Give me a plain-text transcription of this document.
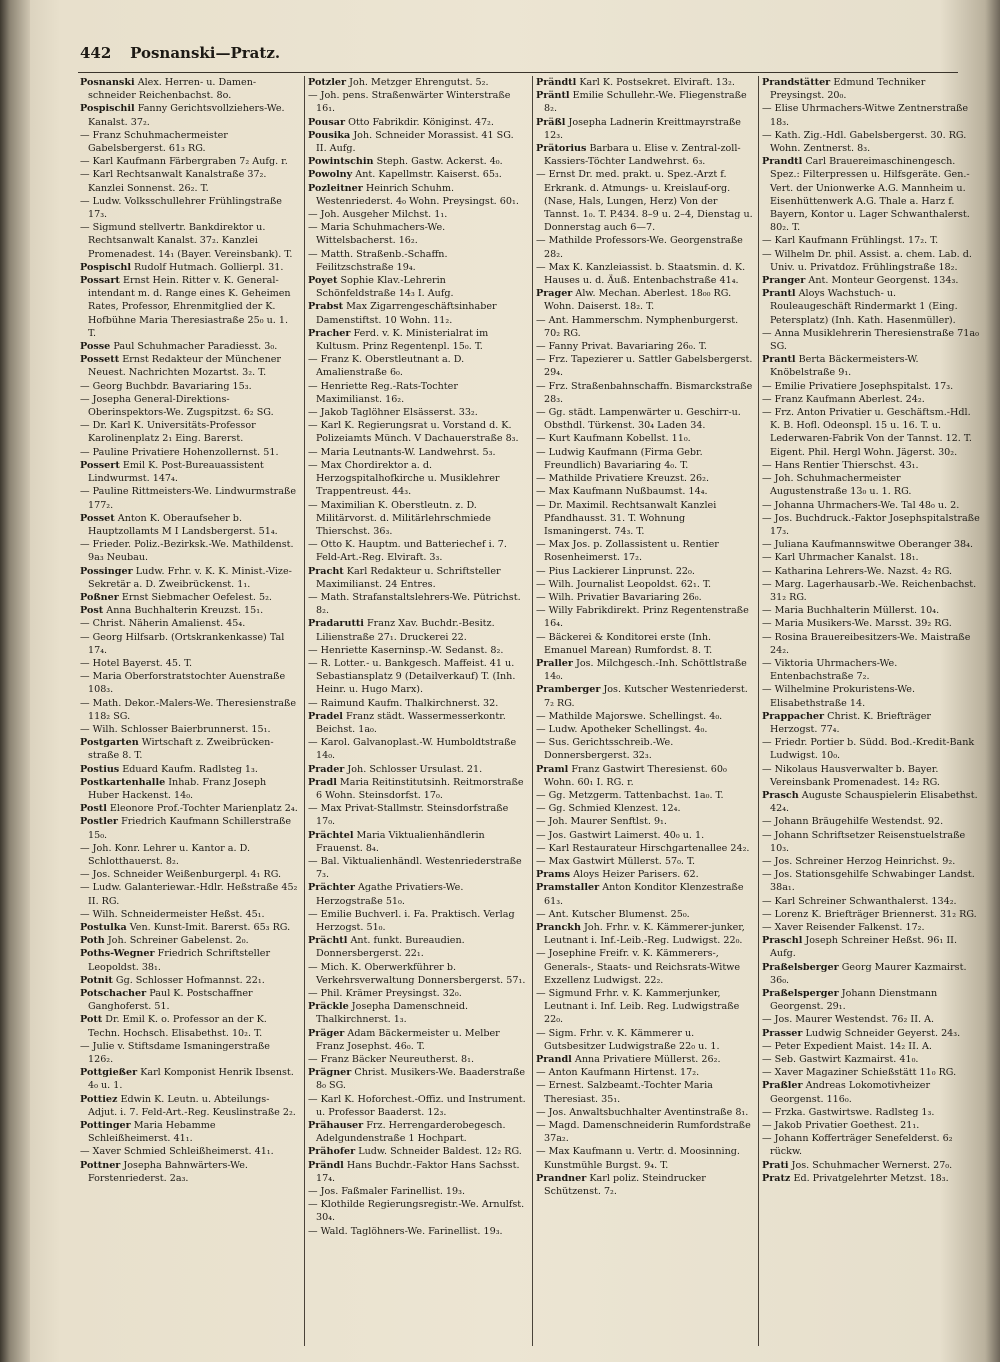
442 Posnanski—Pratz.

Posnanski Alex. Herren- u. Damen-schneider Reichenbachst. 8o.

Pospischil Fanny Gerichtsvollziehers-We. Kanalst. 37₂.

— Franz Schuhmachermeister Gabelsbergerst. 61₃ RG.

— Karl Kaufmann Färbergraben 7₂ Aufg. r.

— Karl Rechtsanwalt Kanalstraße 37₂. Kanzlei Sonnenst. 26₂. T.

— Ludw. Volksschullehrer Frühlingstraße 17₃.

— Sigmund stellvertr. Bankdirektor u. Rechtsanwalt Kanalst. 37₂. Kanzlei Promenadest. 14₁ (Bayer. Vereinsbank). T.

Pospischl Rudolf Hutmach. Gollierpl. 31.

Possart Ernst Hein. Ritter v. K. General-intendant m. d. Range eines K. Geheimen Rates, Professor, Ehrenmitglied der K. Hofbühne Maria Theresiastraße 25₀ u. 1. T.

Posse Paul Schuhmacher Paradiesst. 3₀.

Possett Ernst Redakteur der Münchener Neuest. Nachrichten Mozartst. 3₂. T.

— Georg Buchbdr. Bavariaring 15₃.

— Josepha General-Direktions-Oberinspektors-We. Zugspitzst. 6₂ SG.

— Dr. Karl K. Universitäts-Professor Karolinenplatz 2₁ Eing. Barerst.

— Pauline Privatiere Hohenzollernst. 51.

Possert Emil K. Post-Bureauassistent Lindwurmst. 147₄.

— Pauline Rittmeisters-We. Lindwurmstraße 177₂.

Posset Anton K. Oberaufseher b. Hauptzollamts M I Landsbergerst. 51₄.

— Frieder. Poliz.-Bezirksk.-We. Mathildenst. 9a₃ Neubau.

Possinger Ludw. Frhr. v. K. K. Minist.-Vize-Sekretär a. D. Zweibrückenst. 1₁.

Poßner Ernst Siebmacher Oefelest. 5₂.

Post Anna Buchhalterin Kreuzst. 15₁.

— Christ. Näherin Amalienst. 45₄.

— Georg Hilfsarb. (Ortskrankenkasse) Tal 17₄.

— Hotel Bayerst. 45. T.

— Maria Oberforstratstochter Auenstraße 108₃.

— Math. Dekor.-Malers-We. Theresienstraße 118₂ SG.

— Wilh. Schlosser Baierbrunnerst. 15₁.

Postgarten Wirtschaft z. Zweibrücken-straße 8. T.

Postius Eduard Kaufm. Radlsteg 1₃.

Postkartenhalle Inhab. Franz Joseph Huber Hackenst. 14₀.

Postl Eleonore Prof.-Tochter Marienplatz 2₄.

Postler Friedrich Kaufmann Schillerstraße 15₀.

— Joh. Konr. Lehrer u. Kantor a. D. Schlotthauerst. 8₂.

— Jos. Schneider Weißenburgerpl. 4₁ RG.

— Ludw. Galanteriewar.-Hdlr. Heßstraße 45₂ II. RG.

— Wilh. Schneidermeister Heßst. 45₁.

Postulka Ven. Kunst-Imit. Barerst. 65₃ RG.

Poth Joh. Schreiner Gabelenst. 2₀.

Poths-Wegner Friedrich Schriftsteller Leopoldst. 38₁.

Potnit Gg. Schlosser Hofmannst. 22₁.

Potschacher Paul K. Postschaffner Ganghoferst. 51.

Pott Dr. Emil K. o. Professor an der K. Techn. Hochsch. Elisabethst. 10₂. T.

— Julie v. Stiftsdame Ismaningerstraße 126₂.

Pottgießer Karl Komponist Henrik Ibsenst. 4₀ u. 1.

Pottiez Edwin K. Leutn. u. Abteilungs-Adjut. i. 7. Feld-Art.-Reg. Keuslinstraße 2₂.

Pottinger Maria Hebamme Schleißheimerst. 41₁.

— Xaver Schmied Schleißheimerst. 41₁.

Pottner Josepha Bahnwärters-We. Forstenriederst. 2a₃.

Potzler Joh. Metzger Ehrengutst. 5₂.

— Joh. pens. Straßenwärter Winterstraße 16₁.

Pousar Otto Fabrikdir. Königinst. 47₂.

Pousika Joh. Schneider Morassist. 41 SG. II. Aufg.

Powintschin Steph. Gastw. Ackerst. 4₀.

Powolny Ant. Kapellmstr. Kaiserst. 65₃.

Pozleitner Heinrich Schuhm. Westenriederst. 4₀ Wohn. Preysingst. 60₁.

— Joh. Ausgeher Milchst. 1₁.

— Maria Schuhmachers-We. Wittelsbacherst. 16₂.

— Matth. Straßenb.-Schaffn. Feilitzschstraße 19₄.

Poyet Sophie Klav.-Lehrerin Schönfeldstraße 14₃ I. Aufg.

Prabst Max Zigarrengeschäftsinhaber Damenstiftst. 10 Wohn. 11₂.

Pracher Ferd. v. K. Ministerialrat im Kultusm. Prinz Regentenpl. 15₀. T.

— Franz K. Oberstleutnant a. D. Amalienstraße 6₀.

— Henriette Reg.-Rats-Tochter Maximilianst. 16₂.

— Jakob Taglöhner Elsässerst. 33₂.

— Karl K. Regierungsrat u. Vorstand d. K. Polizeiamts Münch. V Dachauerstraße 8₃.

— Maria Leutnants-W. Landwehrst. 5₃.

— Max Chordirektor a. d. Herzogspitalhofkirche u. Musiklehrer Trappentreust. 44₃.

— Maximilian K. Oberstleutn. z. D. Militärvorst. d. Militärlehrschmiede Thierschst. 36₃.

— Otto K. Hauptm. und Batteriechef i. 7. Feld-Art.-Reg. Elviraft. 3₃.

Pracht Karl Redakteur u. Schriftsteller Maximilianst. 24 Entres.

— Math. Strafanstaltslehrers-We. Pütrichst. 8₂.

Pradarutti Franz Xav. Buchdr.-Besitz. Lilienstraße 27₁. Druckerei 22.

— Henriette Kaserninsp.-W. Sedanst. 8₂.

— R. Lotter.- u. Bankgesch. Maffeist. 41 u. Sebastiansplatz 9 (Detailverkauf) T. (Inh. Heinr. u. Hugo Marx).

— Raimund Kaufm. Thalkirchnerst. 32.

Pradel Franz städt. Wassermesserkontr. Beichst. 1a₀.

— Karol. Galvanoplast.-W. Humboldtstraße 14₀.

Prader Joh. Schlosser Ursulast. 21.

Pradl Maria Reitinstitutsinh. Reitmorstraße 6 Wohn. Steinsdorfst. 17₀.

— Max Privat-Stallmstr. Steinsdorfstraße 17₀.

Prächtel Maria Viktualienhändlerin Frauenst. 8₄.

— Bal. Viktualienhändl. Westenriederstraße 7₃.

Prächter Agathe Privatiers-We. Herzogstraße 51₀.

— Emilie Buchverl. i. Fa. Praktisch. Verlag Herzogst. 51₀.

Prächtl Ant. funkt. Bureaudien. Donnersbergerst. 22₁.

— Mich. K. Oberwerkführer b. Verkehrsverwaltung Donnersbergerst. 57₁.

— Phil. Krämer Preysingst. 32₀.

Präckle Josepha Damenschneid. Thalkirchnerst. 1₃.

Präger Adam Bäckermeister u. Melber Franz Josephst. 46₀. T.

— Franz Bäcker Neureutherst. 8₁.

Prägner Christ. Musikers-We. Baaderstraße 8₀ SG.

— Karl K. Hoforchest.-Offiz. und Instrument. u. Professor Baaderst. 12₃.

Prähauser Frz. Herrengarderobegesch. Adelgundenstraße 1 Hochpart.

Prähofer Ludw. Schneider Baldest. 12₂ RG.

Prändl Hans Buchdr.-Faktor Hans Sachsst. 17₄.

— Jos. Faßmaler Farinellist. 19₃.

— Klothilde Regierungsregistr.-We. Arnulfst. 30₄.

— Wald. Taglöhners-We. Farinellist. 19₃.

Prändtl Karl K. Postsekret. Elviraft. 13₂.

Präntl Emilie Schullehr.-We. Fliegenstraße 8₂.

Präßl Josepha Ladnerin Kreittmayrstraße 12₃.

Prätorius Barbara u. Elise v. Zentral-zoll-Kassiers-Töchter Landwehrst. 6₃.

— Ernst Dr. med. prakt. u. Spez.-Arzt f. Erkrank. d. Atmungs- u. Kreislauf-org. (Nase, Hals, Lungen, Herz) Von der Tannst. 1₀. T. P.434. 8–9 u. 2–4, Dienstag u. Donnerstag auch 6—7.

— Mathilde Professors-We. Georgenstraße 28₂.

— Max K. Kanzleiassist. b. Staatsmin. d. K. Hauses u. d. Äuß. Entenbachstraße 41₄.

Prager Alw. Mechan. Aberlest. 18₀₀ RG. Wohn. Daiserst. 18₂. T.

— Ant. Hammerschm. Nymphenburgerst. 70₂ RG.

— Fanny Privat. Bavariaring 26₀. T.

— Frz. Tapezierer u. Sattler Gabelsbergerst. 29₄.

— Frz. Straßenbahnschaffn. Bismarckstraße 28₃.

— Gg. städt. Lampenwärter u. Geschirr-u. Obsthdl. Türkenst. 30₄ Laden 34.

— Kurt Kaufmann Kobellst. 11₀.

— Ludwig Kaufmann (Firma Gebr. Freundlich) Bavariaring 4₀. T.

— Mathilde Privatiere Kreuzst. 26₂.

— Max Kaufmann Nußbaumst. 14₄.

— Dr. Maximil. Rechtsanwalt Kanzlei Pfandhausst. 31. T. Wohnung Ismaningerst. 74₃. T.

— Max Jos. p. Zollassistent u. Rentier Rosenheimerst. 17₂.

— Pius Lackierer Linprunst. 22₀.

— Wilh. Journalist Leopoldst. 62₁. T.

— Wilh. Privatier Bavariaring 26₀.

— Willy Fabrikdirekt. Prinz Regentenstraße 16₄.

— Bäckerei & Konditorei erste (Inh. Emanuel Marean) Rumfordst. 8. T.

Praller Jos. Milchgesch.-Inh. Schöttlstraße 14₀.

Pramberger Jos. Kutscher Westenriederst. 7₂ RG.

— Mathilde Majorswe. Schellingst. 4₀.

— Ludw. Apotheker Schellingst. 4₀.

— Sus. Gerichtsschreib.-We. Donnersbergerst. 32₃.

Praml Franz Gastwirt Theresienst. 60₀ Wohn. 60₁ I. RG. r.

— Gg. Metzgerm. Tattenbachst. 1a₀. T.

— Gg. Schmied Klenzest. 12₄.

— Joh. Maurer Senftlst. 9₁.

— Jos. Gastwirt Laimerst. 40₀ u. 1.

— Karl Restaurateur Hirschgartenallee 24₂.

— Max Gastwirt Müllerst. 57₀. T.

Prams Aloys Heizer Parisers. 62.

Pramstaller Anton Konditor Klenzestraße 61₃.

— Ant. Kutscher Blumenst. 25₀.

Pranckh Joh. Frhr. v. K. Kämmerer-junker, Leutnant i. Inf.-Leib.-Reg. Ludwigst. 22₀.

— Josephine Freifr. v. K. Kämmerers-, Generals-, Staats- und Reichsrats-Witwe Exzellenz Ludwigst. 22₂.

— Sigmund Frhr. v. K. Kammerjunker, Leutnant i. Inf. Leib. Reg. Ludwigstraße 22₀.

— Sigm. Frhr. v. K. Kämmerer u. Gutsbesitzer Ludwigstraße 22₀ u. 1.

Prandl Anna Privatiere Müllerst. 26₂.

— Anton Kaufmann Hirtenst. 17₂.

— Ernest. Salzbeamt.-Tochter Maria Theresiast. 35₁.

— Jos. Anwaltsbuchhalter Aventinstraße 8₁.

— Magd. Damenschneiderin Rumfordstraße 37a₂.

— Max Kaufmann u. Vertr. d. Moosinning. Kunstmühle Burgst. 9₄. T.

Prandner Karl poliz. Steindrucker Schützenst. 7₂.

Prandstätter Edmund Techniker Preysingst. 20₀.

— Elise Uhrmachers-Witwe Zentnerstraße 18₃.

— Kath. Zig.-Hdl. Gabelsbergerst. 30. RG. Wohn. Zentnerst. 8₃.

Prandtl Carl Brauereimaschinengesch. Spez.: Filterpressen u. Hilfsgeräte. Gen.-Vert. der Unionwerke A.G. Mannheim u. Eisenhüttenwerk A.G. Thale a. Harz f. Bayern, Kontor u. Lager Schwanthalerst. 80₂. T.

— Karl Kaufmann Frühlingst. 17₂. T.

— Wilhelm Dr. phil. Assist. a. chem. Lab. d. Univ. u. Privatdoz. Frühlingstraße 18₂.

Pranger Ant. Monteur Georgenst. 134₃.

Prantl Aloys Wachstuch- u. Rouleaugeschäft Rindermarkt 1 (Eing. Petersplatz) (Inh. Kath. Hasenmüller).

— Anna Musiklehrerin Theresienstraße 71a₀ SG.

Prantl Berta Bäckermeisters-W. Knöbelstraße 9₁.

— Emilie Privatiere Josephspitalst. 17₃.

— Franz Kaufmann Aberlest. 24₂.

— Frz. Anton Privatier u. Geschäftsm.-Hdl. K. B. Hofl. Odeonspl. 15 u. 16. T. u. Lederwaren-Fabrik Von der Tannst. 12. T. Eigent. Phil. Hergl Wohn. Jägerst. 30₂.

— Hans Rentier Thierschst. 43₁.

— Joh. Schuhmachermeister Augustenstraße 13₀ u. 1. RG.

— Johanna Uhrmachers-We. Tal 48₀ u. 2.

— Jos. Buchdruck.-Faktor Josephspitalstraße 17₃.

— Juliana Kaufmannswitwe Oberanger 38₄.

— Karl Uhrmacher Kanalst. 18₁.

— Katharina Lehrers-We. Nazst. 4₂ RG.

— Marg. Lagerhausarb.-We. Reichenbachst. 31₂ RG.

— Maria Buchhalterin Müllerst. 10₄.

— Maria Musikers-We. Marsst. 39₂ RG.

— Rosina Brauereibesitzers-We. Maistraße 24₂.

— Viktoria Uhrmachers-We. Entenbachstraße 7₂.

— Wilhelmine Prokuristens-We. Elisabethstraße 14.

Prappacher Christ. K. Briefträger Herzogst. 77₄.

— Friedr. Portier b. Südd. Bod.-Kredit-Bank Ludwigst. 10₀.

— Nikolaus Hausverwalter b. Bayer. Vereinsbank Promenadest. 14₂ RG.

Prasch Auguste Schauspielerin Elisabethst. 42₄.

— Johann Bräugehilfe Westendst. 92.

— Johann Schriftsetzer Reisenstuelstraße 10₃.

— Jos. Schreiner Herzog Heinrichst. 9₂.

— Jos. Stationsgehilfe Schwabinger Landst. 38a₁.

— Karl Schreiner Schwanthalerst. 134₂.

— Lorenz K. Briefträger Briennerst. 31₂ RG.

— Xaver Reisender Falkenst. 17₂.

Praschl Joseph Schreiner Heßst. 96₁ II. Aufg.

Praßelsberger Georg Maurer Kazmairst. 36₀.

Praßelsperger Johann Dienstmann Georgenst. 29₁.

— Jos. Maurer Westendst. 76₂ II. A.

Prasser Ludwig Schneider Geyerst. 24₃.

— Peter Expedient Maist. 14₂ II. A.

— Seb. Gastwirt Kazmairst. 41₀.

— Xaver Magaziner Schießstätt 11₀ RG.

Praßler Andreas Lokomotivheizer Georgenst. 116₀.

— Frzka. Gastwirtswe. Radlsteg 1₃.

— Jakob Privatier Goethest. 21₁.

— Johann Kofferträger Senefelderst. 6₂ rückw.

Prati Jos. Schuhmacher Wernerst. 27₀.

Pratz Ed. Privatgelehrter Metzst. 18₃.
